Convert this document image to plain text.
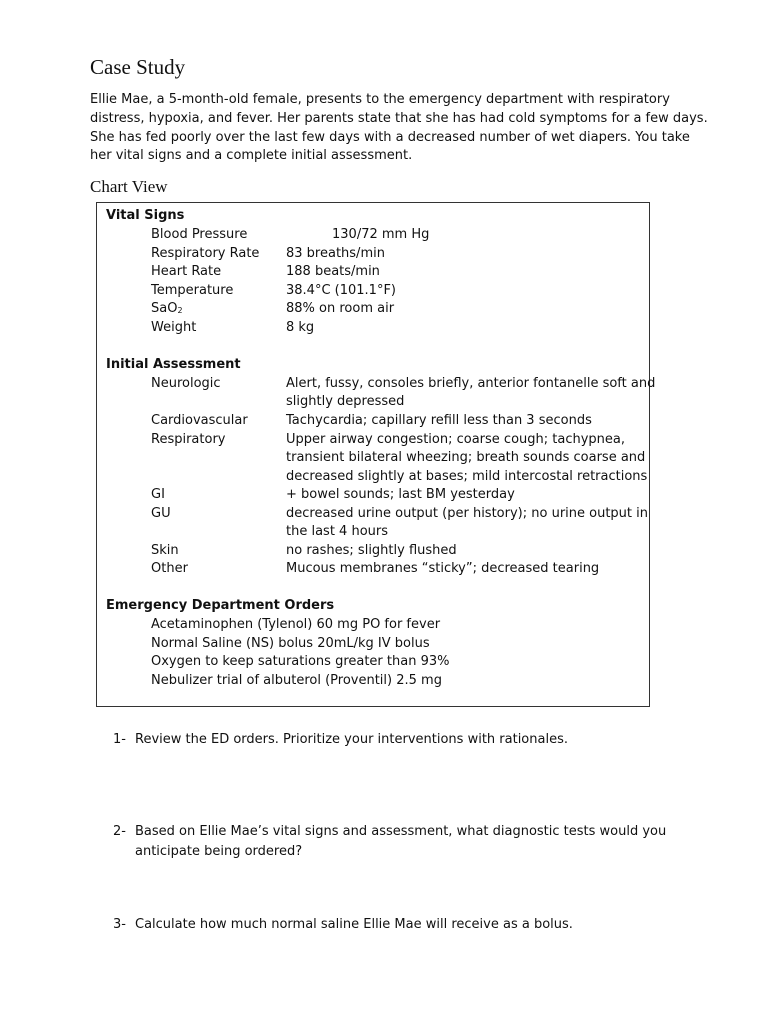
Case Study

Ellie Mae, a 5-month-old female, presents to the emergency department with respiratory
distress, hypoxia, and fever. Her parents state that she has had cold symptoms for a few days.
She has fed poorly over the last few days with a decreased number of wet diapers. You take
her vital signs and a complete initial assessment.

Chart View
Vital Signs
Blood Pressure	130/72 mm Hg
Respiratory Rate 83 breaths/min
Heart Rate	188 beats/min
Temperature	38.4°C (101.1°F)
SaO$_2$	88% on room air
Weight	8 kg
Initial Assessment
Neurologic	Alert, fussy, consoles briefly, anterior fontanelle soft and
slightly depressed
Cardiovascular	Tachycardia; capillary refill less than 3 seconds
Respiratory	Upper airway congestion; coarse cough; tachypnea,
transient bilateral wheezing; breath sounds coarse and
decreased slightly at bases; mild intercostal retractions
GI	+ bowel sounds; last BM yesterday
GU	decreased urine output (per history); no urine output in
the last 4 hours
Skin	no rashes; slightly flushed
Other	Mucous membranes “sticky”; decreased tearing
Emergency Department Orders
Acetaminophen (Tylenol) 60 mg PO for fever
Normal Saline (NS) bolus 20mL/kg IV bolus
Oxygen to keep saturations greater than 93%
Nebulizer trial of albuterol (Proventil) 2.5 mg
1- Review the ED orders. Prioritize your interventions with rationales.
2- Based on Ellie Mae’s vital signs and assessment, what diagnostic tests would you
anticipate being ordered?
3- Calculate how much normal saline Ellie Mae will receive as a bolus.
